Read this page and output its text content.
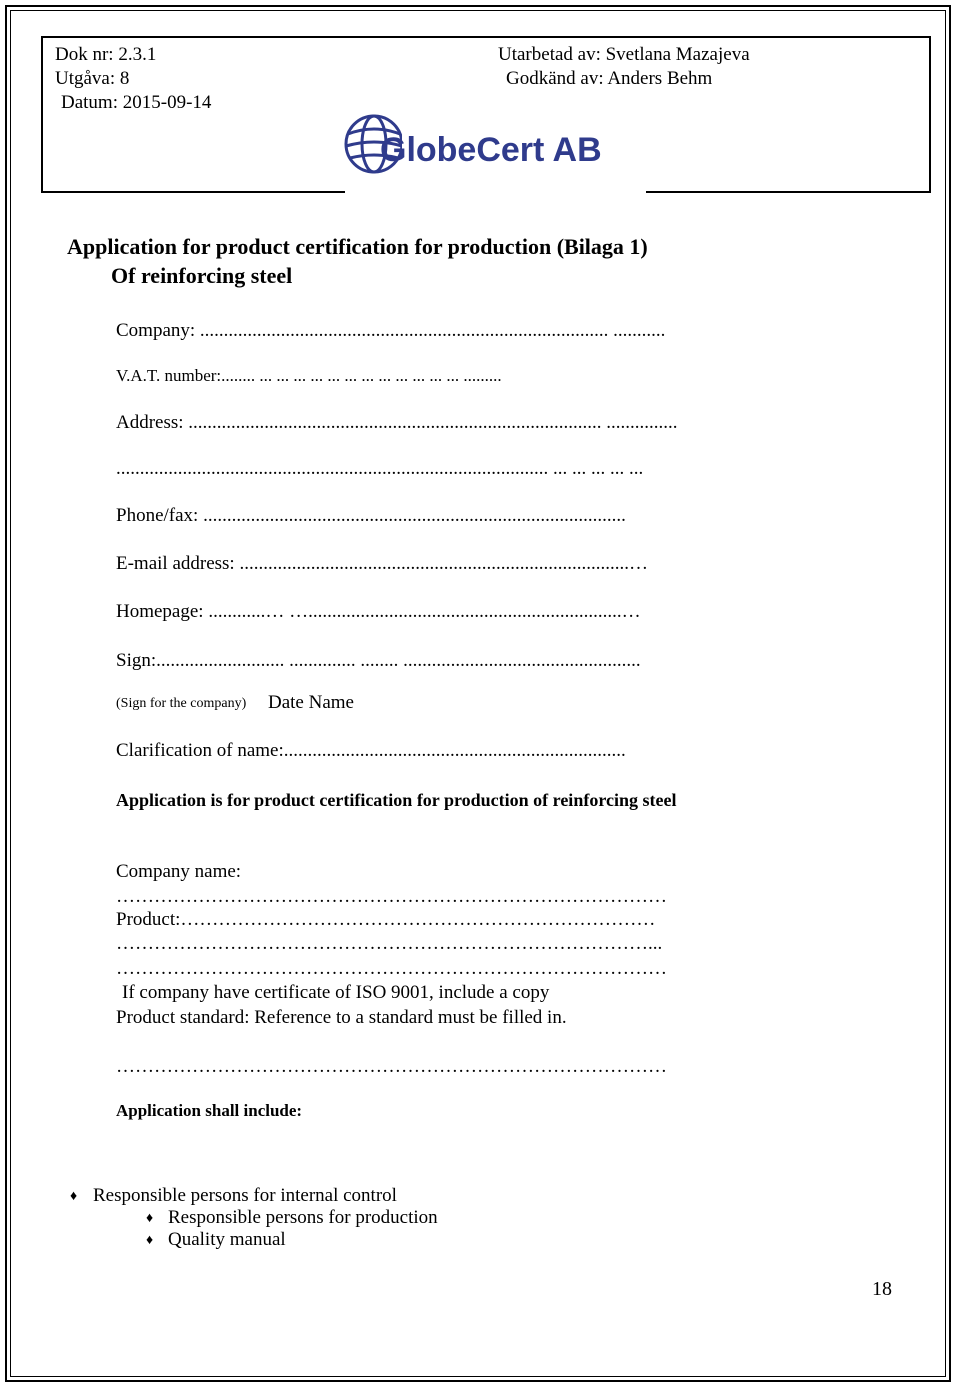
Dok nr: 2.3.1
Utgåva: 8
Datum: 2015-09-14
Utarbetad av: Svetlana Mazajeva
Godkänd av: Anders Behm
GlobeCert AB
Application for product certification for production (Bilaga 1)
Of reinforcing steel
Company: ...................................................................................... ...........
V.A.T. number:........ ... ... ... ... ... ... ... ... ... ... ... ... .........
Address: ....................................................................................... ...............
........................................................................................... ... ... ... ... ...
Phone/fax: .........................................................................................
E-mail address: ..................................................................................…
Homepage: ............… …..................................................................…
Sign:........................... .............. ........ ..................................................
(Sign for the company) Date Name
Clarification of name:........................................................................
Application is for product certification for production of reinforcing steel
Company name:
……………………………………………………………………………
Product:…………………………………………………………………
…………………………………………………………………………...
……………………………………………………………………………
If company have certificate of ISO 9001, include a copy
Product standard: Reference to a standard must be filled in.
……………………………………………………………………………
Application shall include:
♦ Responsible persons for internal control
♦ Responsible persons for production
♦ Quality manual
18
